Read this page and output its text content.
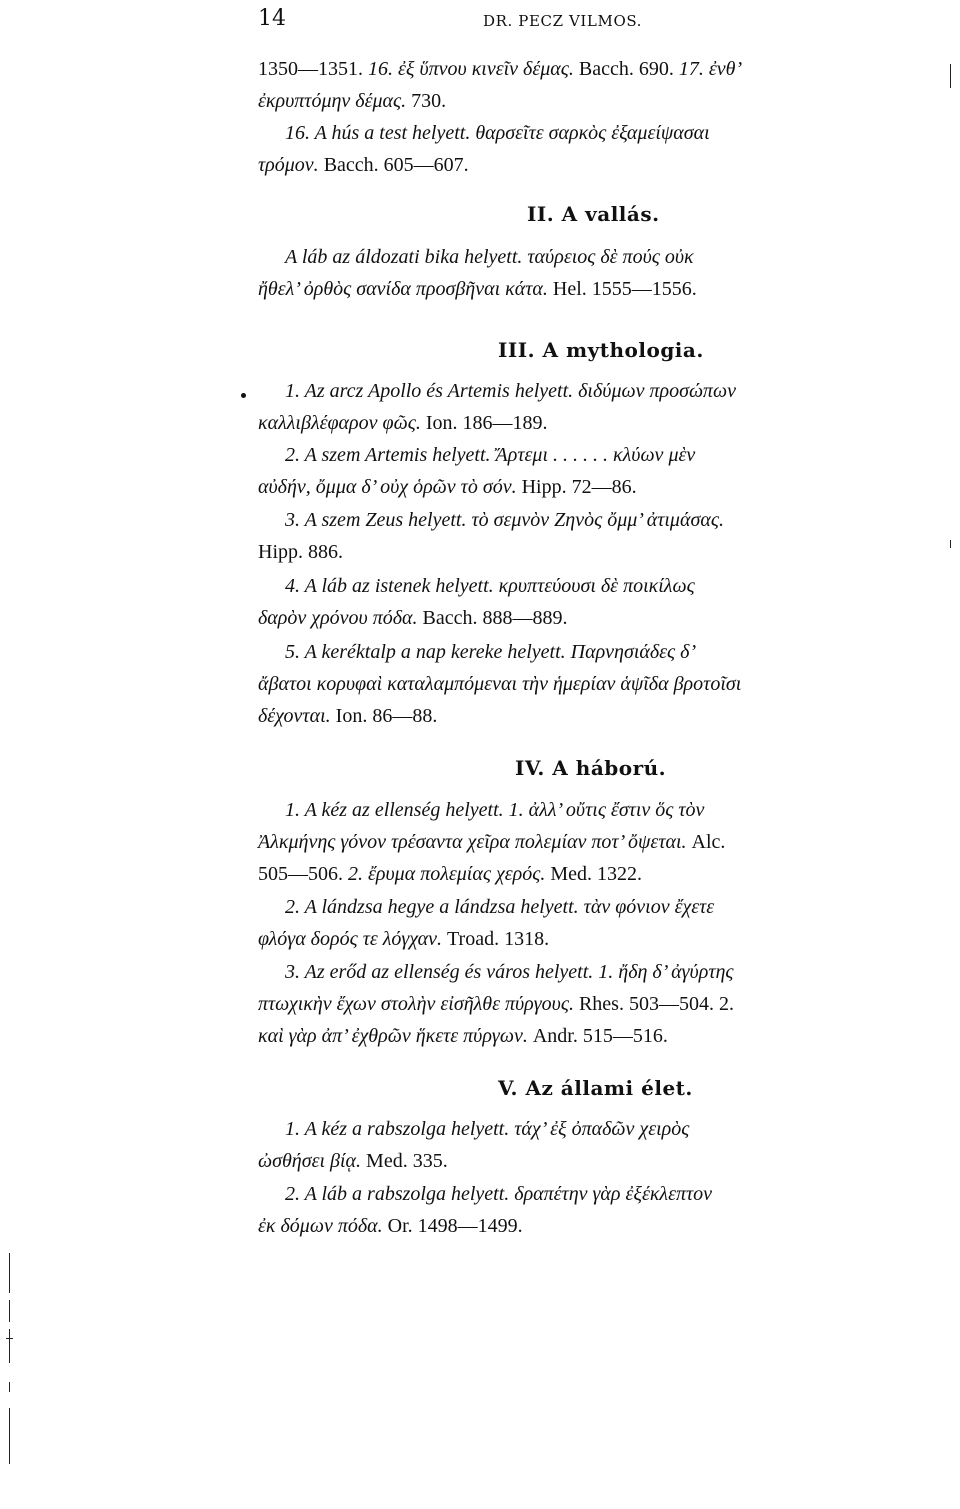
14	DR. PECZ VILMOS.
1350—1351. 16. ἐξ ὕπνου κινεῖν δέμας. Bacch. 690. 17. ἐνθ’
ἐκρυπτόμην δέμας. 730.
16. A hús a test helyett. θαρσεῖτε σαρκὸς ἐξαμείψασαι
τρόμον. Bacch. 605—607.
II. A vallás.
A láb az áldozati bika helyett. ταύρειος δὲ πούς οὐκ
ἤθελ’ ὀρθὸς σανίδα προσβῆναι κάτα. Hel. 1555—1556.
III. A mythologia.
1. Az arcz Apollo és Artemis helyett. διδύμων προσώπων
καλλιβλέφαρον φῶς. Ion. 186—189.
2. A szem Artemis helyett. Ἄρτεμι . . . . . . κλύων μὲν
αὐδήν, ὄμμα δ’ οὐχ ὁρῶν τὸ σόν. Hipp. 72—86.
3. A szem Zeus helyett. τὸ σεμνὸν Ζηνὸς ὄμμ’ ἀτιμάσας.
Hipp. 886.
4. A láb az istenek helyett. κρυπτεύουσι δὲ ποικίλως
δαρὸν χρόνου πόδα. Bacch. 888—889.
5. A keréktalp a nap kereke helyett. Παρνησιάδες δ’
ἄβατοι κορυφαὶ καταλαμπόμεναι τὴν ἡμερίαν ἁψῖδα βροτοῖσι
δέχονται. Ion. 86—88.
IV. A háború.
1. A kéz az ellenség helyett. 1. ἀλλ’ οὔτις ἔστιν ὅς τὸν
Ἀλκμήνης γόνον τρέσαντα χεῖρα πολεμίαν ποτ’ ὄψεται. Alc.
505—506. 2. ἔρυμα πολεμίας χερός. Med. 1322.
2. A lándzsa hegye a lándzsa helyett. τὰν φόνιον ἔχετε
φλόγα δορός τε λόγχαν. Troad. 1318.
3. Az erőd az ellenség és város helyett. 1. ἤδη δ’ ἀγύρτης
πτωχικὴν ἔχων στολὴν εἰσῆλθε πύργους. Rhes. 503—504. 2.
καὶ γὰρ ἀπ’ ἐχθρῶν ἥκετε πύργων. Andr. 515—516.
V. Az állami élet.
1. A kéz a rabszolga helyett. τάχ’ ἐξ ὀπαδῶν χειρὸς
ὠσθήσει βίᾳ. Med. 335.
2. A láb a rabszolga helyett. δραπέτην γὰρ ἐξέκλεπτον
ἐκ δόμων πόδα. Or. 1498—1499.
